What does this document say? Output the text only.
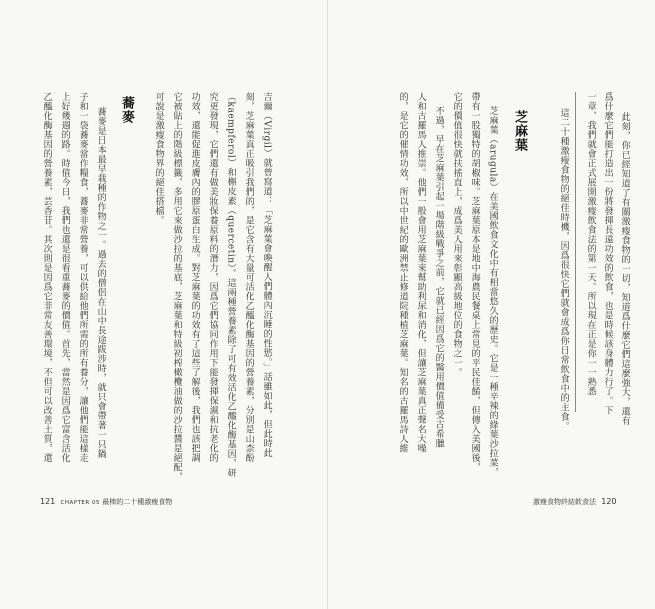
吉爾（Virgil）就曾寫道：「芝麻葉會喚醒人們體內沉睡的性慾。」話雖如此，但此時此
刻，芝麻葉真正吸引我們的，是它含有大量可活化乙醯化酶基因的營養素，分別是山柰酚
（kaempferol）和槲皮素（quercetin）。這兩種營養素除了可有效活化乙醯化酶基因，研
究更發現，它們還有做美妝保養原料的潛力，因爲它們協同作用下能發揮保濕和抗老化的
功效，還能促進皮膚內的膠原蛋白生成。對芝麻葉的功效有了這些了解後，我們也該把調
它被貼上的階級標籤，多用它來做沙拉的基底，芝麻葉和特級初榨橄欖油做的沙拉醬是絕配，
可說是激瘦食物界的絕佳搭檔。
蕎麥
蕎麥是日本最早栽種的作物之一。過去的僧侶在山中長途跋涉時，就只會帶著一只鍋
子和一袋蕎麥當作糧食，蕎麥非常營養，可以供給他們所需的所有養分，讓他們能這樣走
上好幾週的路。時值今日，我們也還是很看重蕎麥的價值。首先，當然是因爲它富含活化
乙醯化酶基因的營養素，芸香苷。其次則是因爲它非常友善環境，不但可以改善土質，還
121 CHAPTER 05 最棒的二十種激瘦食物
此刻，你已經知道了有關激瘦食物的一切，知道爲什麼它們這麼強大，還有
爲什麼它們能打造出一份將發揮長遠功效的飲食，也是時候該身體力行了。下
一章，我們就會正式展開激瘦飲食法的第一天。所以現在正是你一一熟悉
這二十種激瘦食物的絕佳時機，因爲很快它們就會成爲你日常飲食中的主食。
芝麻葉
芝麻葉（arugula）在美國飲食文化中有相當悠久的歷史。它是一種辛辣的綠葉沙拉菜，
帶有一股獨特的胡椒味。芝麻葉原本是地中海農民餐桌上常見的平民佳餚，但傳入美國後，
它的價值很快就扶搖直上，成爲美人用來彰顯高級地位的食物之一。
不過，早在芝麻葉引起一場階級戰爭之前，它就已經因爲它的醫用價值備受古希臘
人和古羅馬人推崇。他們一般會用芝麻葉來幫助利尿和消化，但讓芝麻葉真正聲名大噪
的，是它的催情功效，所以中世紀的歐洲禁止修道院種植芝麻葉。知名的古羅馬詩人維
激瘦食物終結飲食法 120
